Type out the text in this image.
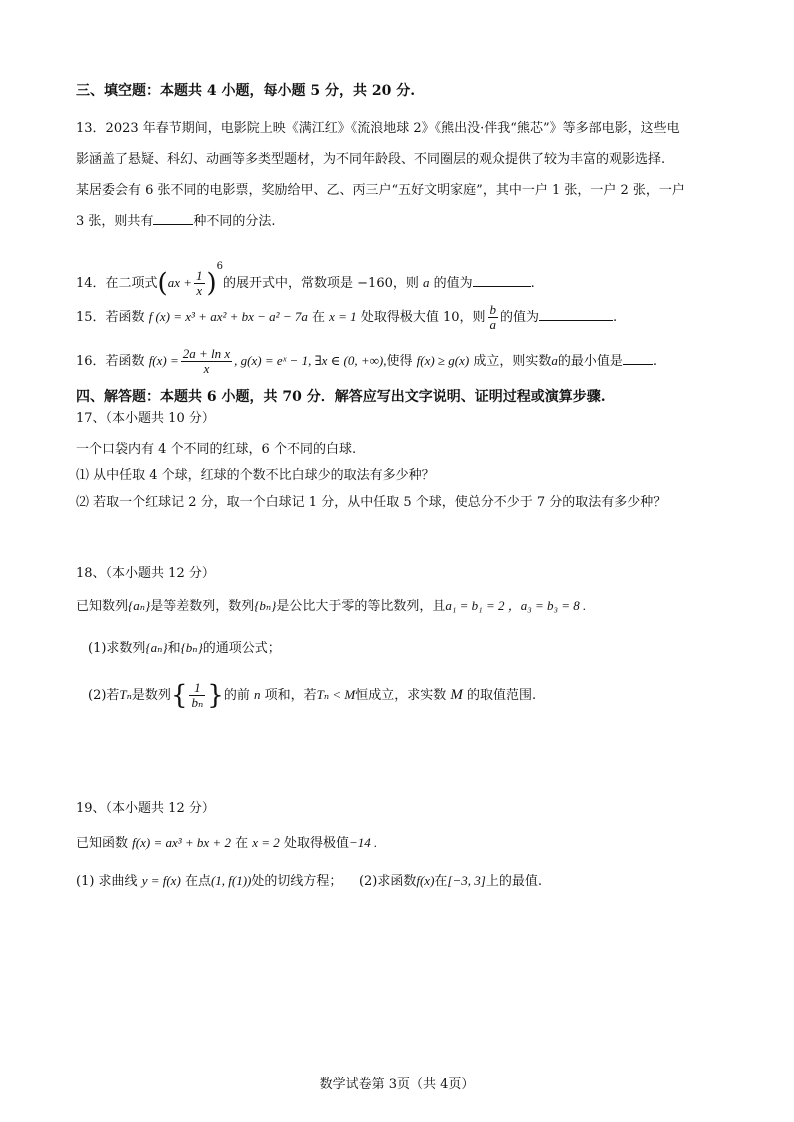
三、填空题：本题共 4 小题，每小题 5 分，共 20 分.
13．2023 年春节期间，电影院上映《满江红》《流浪地球 2》《熊出没·伴我“熊芯”》等多部电影，这些电
影涵盖了悬疑、科幻、动画等多类型题材，为不同年龄段、不同圈层的观众提供了较为丰富的观影选择.
某居委会有 6 张不同的电影票，奖励给甲、乙、丙三户“五好文明家庭”，其中一户 1 张，一户 2 张，一户
3 张，则共有	种不同的分法.
14．在二项式$(ax + \frac{1}{x} )^6$的展开式中，常数项是 −160，则 a 的值为	.
15．若函数 f (x) = x³ + ax² + bx − a² − 7a 在 x = 1 处取得极大值 10，则 $\frac{b}{a}$ 的值为	.
16．若函数 $f(x) = \frac{\text{2a + ln x}}{x}$ , g(x) = eˣ − 1, ∃x ∈ (0, +∞),使得 f(x) ≥ g(x) 成立，则实数a的最小值是 .
四、解答题：本题共 6 小题，共 70 分．解答应写出文字说明、证明过程或演算步骤.
17、（本小题共 10 分）
一个口袋内有 4 个不同的红球，6 个不同的白球.
⑴ 从中任取 4 个球，红球的个数不比白球少的取法有多少种？
⑵ 若取一个红球记 2 分，取一个白球记 1 分，从中任取 5 个球，使总分不少于 7 分的取法有多少种？
18、（本小题共 12 分）
已知数列{aₙ}是等差数列，数列{bₙ}是公比大于零的等比数列，且a₁ = b₁ = 2 ，a₃ = b₃ = 8 .
(1)求数列{aₙ}和{bₙ}的通项公式；
(2)若Tₙ是数列{ $\frac{1}{\text{bₙ}}$ }的前 n 项和，若Tₙ < M恒成立，求实数 M 的取值范围.
19、（本小题共 12 分）
已知函数 f(x) = ax³ + bx + 2 在 x = 2 处取得极值−14 .
(1) 求曲线 y = f(x) 在点(1, f(1))处的切线方程； (2)求函数f(x)在[−3, 3]上的最值.
数学试卷第 3页（共 4页）
